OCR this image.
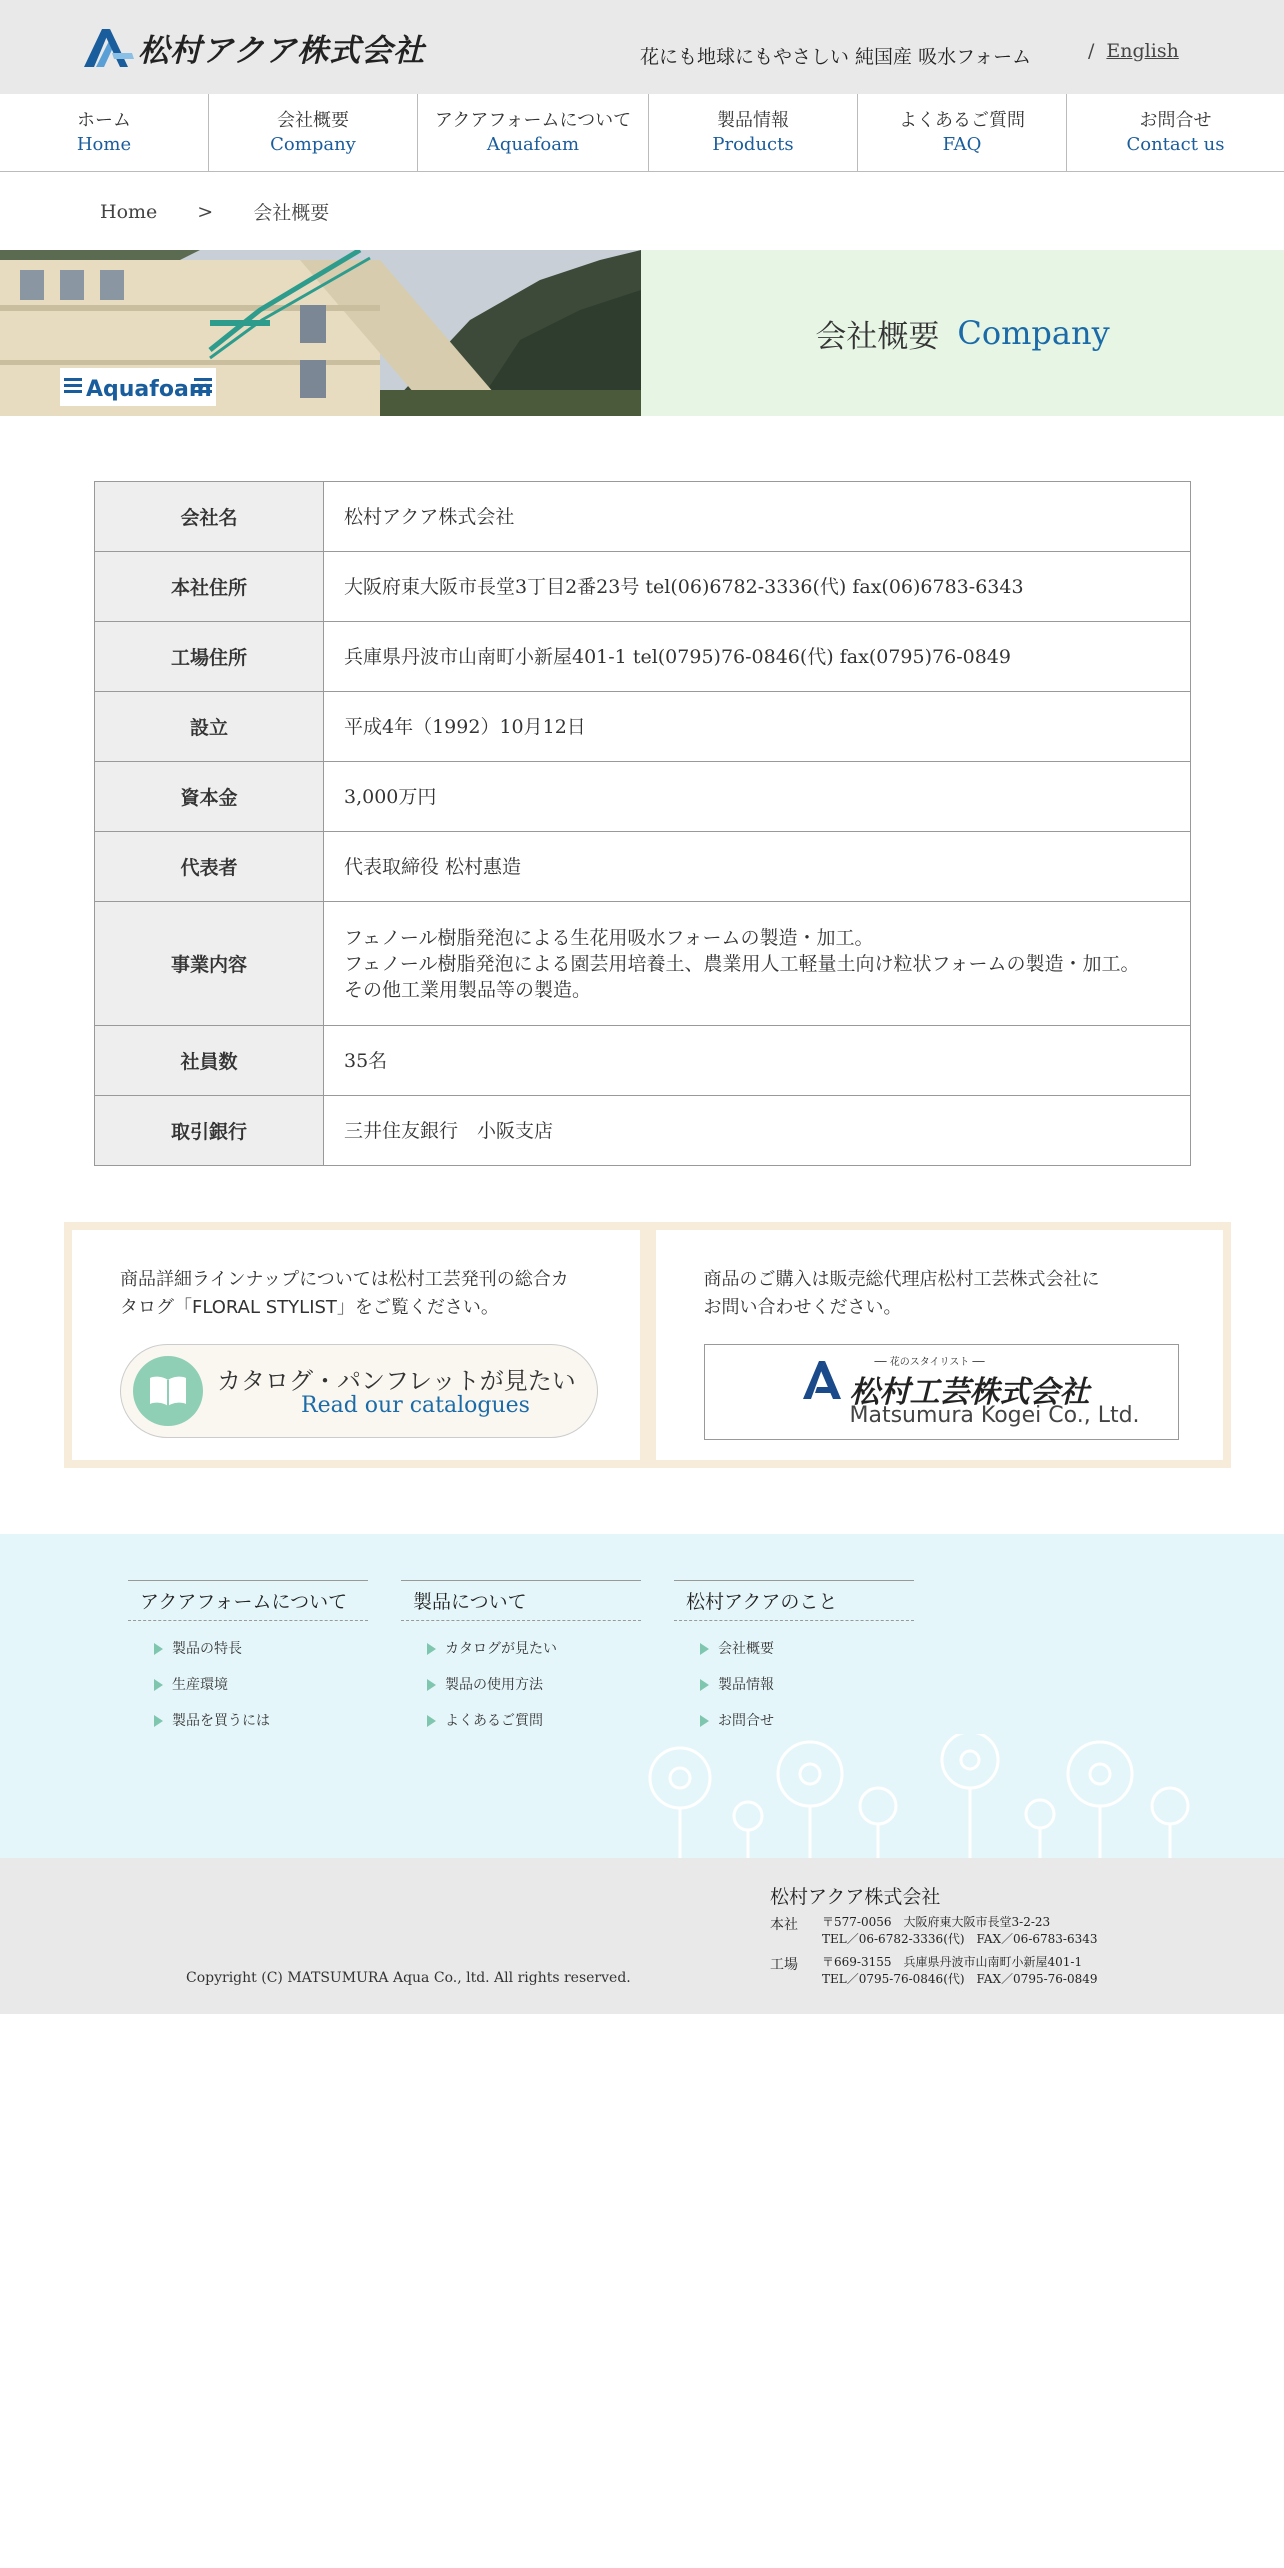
松村アクア株式会社	花にも地球にもやさしい 純国産 吸水フォーム	/ English
ホーム
Home
会社概要
Company
アクアフォームについて
Aquafoam
製品情報
Products
よくあるご質問
FAQ
お問合せ
Contact us
Home > 会社概要
Aquafoam
会社概要 Company
会社名	松村アクア株式会社
本社住所	大阪府東大阪市長堂3丁目2番23号 tel(06)6782-3336(代) fax(06)6783-6343
工場住所	兵庫県丹波市山南町小新屋401-1 tel(0795)76-0846(代) fax(0795)76-0849
設立	平成4年（1992）10月12日
資本金	3,000万円
代表者	代表取締役 松村惠造
事業内容	フェノール樹脂発泡による生花用吸水フォームの製造・加工。
フェノール樹脂発泡による園芸用培養土、農業用人工軽量土向け粒状フォームの製造・加工。
その他工業用製品等の製造。

社員数	35名
取引銀行	三井住友銀行　小阪支店
商品詳細ラインナップについては松村工芸発刊の総合カ
タログ「FLORAL STYLIST」をご覧ください。
カタログ・パンフレットが見たい
Read our catalogues
商品のご購入は販売総代理店松村工芸株式会社に
お問い合わせください。
── 花のスタイリスト ──
松村工芸株式会社
Matsumura Kogei Co., Ltd.
アクアフォームについて
製品の特長
生産環境
製品を買うには
製品について
カタログが見たい
製品の使用方法
よくあるご質問
松村アクアのこと
会社概要
製品情報
お問合せ
Copyright (C) MATSUMURA Aqua Co., ltd. All rights reserved.
松村アクア株式会社
本社 〒577-0056　大阪府東大阪市長堂3-2-23
TEL／06-6782-3336(代)　FAX／06-6783-6343
工場 〒669-3155　兵庫県丹波市山南町小新屋401-1
TEL／0795-76-0846(代)　FAX／0795-76-0849
